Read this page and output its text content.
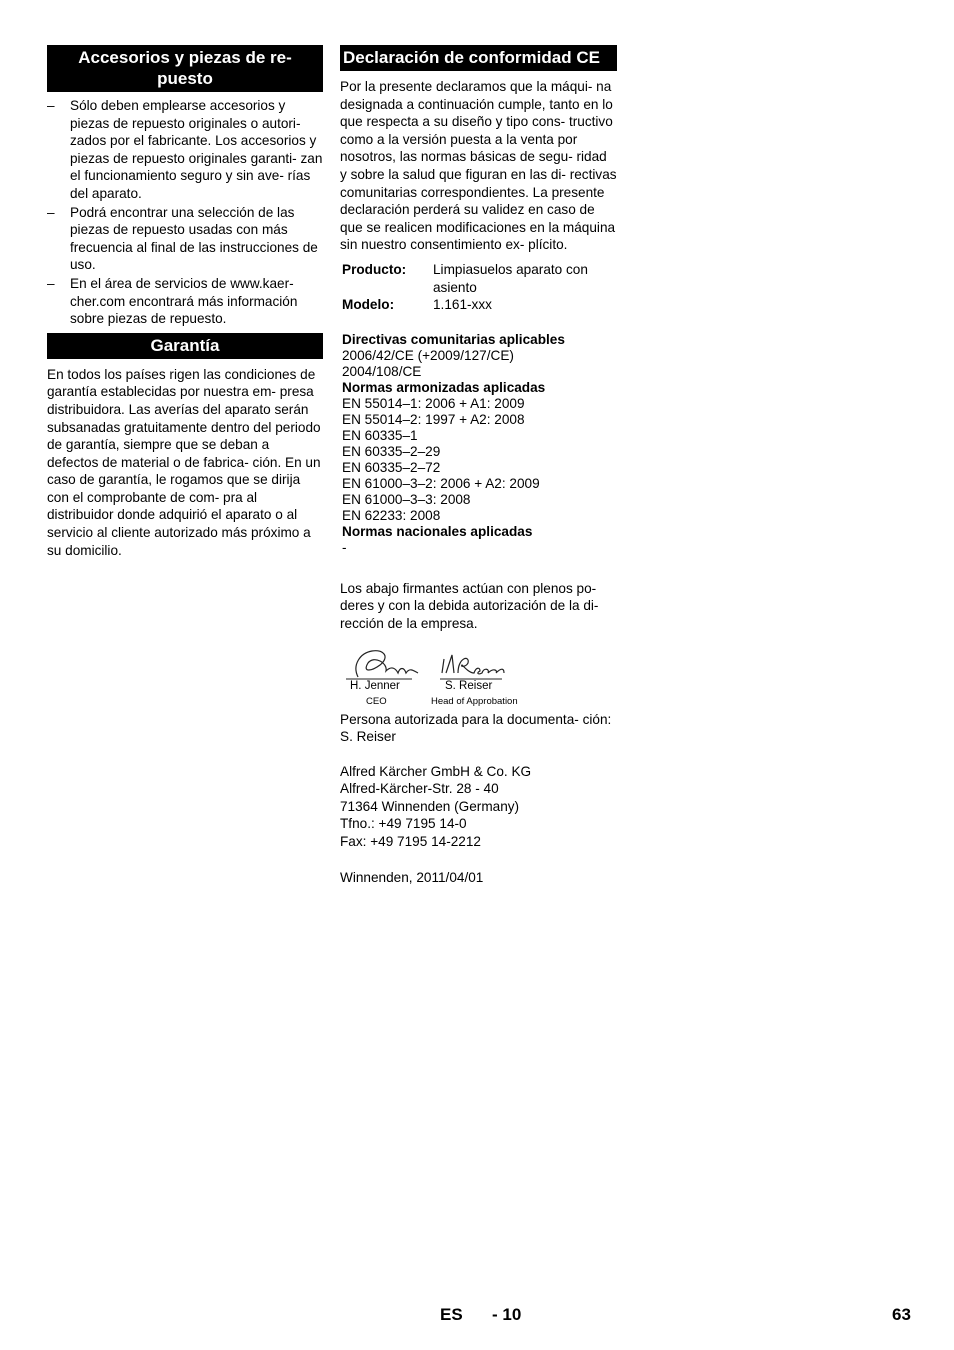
Accesorios y piezas de re- puesto
– Sólo deben emplearse accesorios y piezas de repuesto originales o autori- zados por el fabricante. Los accesorios y piezas de repuesto originales garanti- zan el funcionamiento seguro y sin ave- rías del aparato.
– Podrá encontrar una selección de las piezas de repuesto usadas con más frecuencia al final de las instrucciones de uso.
– En el área de servicios de www.kaer- cher.com encontrará más información sobre piezas de repuesto.
Garantía

En todos los países rigen las condiciones de garantía establecidas por nuestra em- presa distribuidora. Las averías del aparato serán subsanadas gratuitamente dentro del periodo de garantía, siempre que se deban a defectos de material o de fabrica- ción. En un caso de garantía, le rogamos que se dirija con el comprobante de com- pra al distribuidor donde adquirió el aparato o al servicio al cliente autorizado más próximo a su domicilio.

Declaración de conformidad CE

Por la presente declaramos que la máqui- na designada a continuación cumple, tanto en lo que respecta a su diseño y tipo cons- tructivo como a la versión puesta a la venta por nosotros, las normas básicas de segu- ridad y sobre la salud que figuran en las di- rectivas comunitarias correspondientes. La presente declaración perderá su validez en caso de que se realicen modificaciones en la máquina sin nuestro consentimiento ex- plícito.

Producto:	Limpiasuelos aparato con asiento
Modelo:	1.161-xxx
Directivas comunitarias aplicables
2006/42/CE (+2009/127/CE)
2004/108/CE
Normas armonizadas aplicadas
EN 55014–1: 2006 + A1: 2009
EN 55014–2: 1997 + A2: 2008
EN 60335–1
EN 60335–2–29
EN 60335–2–72
EN 61000–3–2: 2006 + A2: 2009
EN 61000–3–3: 2008
EN 62233: 2008
Normas nacionales aplicadas
-

Los abajo firmantes actúan con plenos po- deres y con la debida autorización de la di- rección de la empresa.

H. Jenner
CEO
S. Reiser
Head of Approbation

Persona autorizada para la documenta- ción:

S. Reiser

Alfred Kärcher GmbH & Co. KG
Alfred-Kärcher-Str. 28 - 40
71364 Winnenden (Germany)
Tfno.: +49 7195 14-0
Fax: +49 7195 14-2212

Winnenden, 2011/04/01

ES - 10	63
